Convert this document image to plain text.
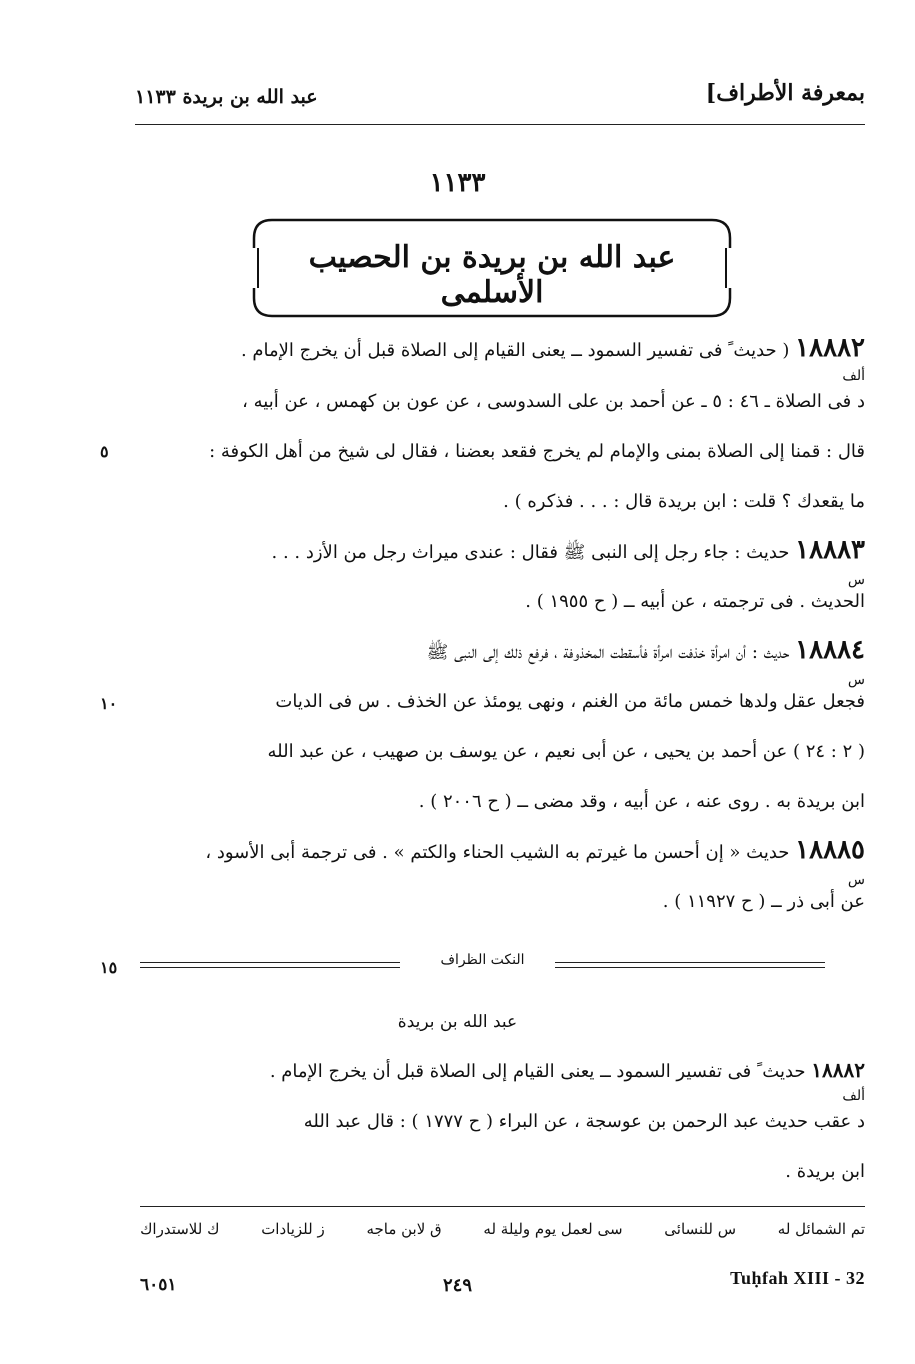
بمعرفة الأطراف]
عبد الله بن بريدة ١١٣٣
١١٣٣
عبد الله بن بريدة بن الحصيب الأسلمى
١٨٨٨٢ ( حديث ً فى تفسير السمود ــ يعنى القيام إلى الصلاة قبل أن يخرج الإمام .
ألف
د فى الصلاة ـ ٤٦ : ٥ ـ عن أحمد بن على السدوسى ، عن عون بن كهمس ، عن أبيه ،
قال : قمنا إلى الصلاة بمنى والإمام لم يخرج فقعد بعضنا ، فقال لى شيخ من أهل الكوفة :
٥
ما يقعدك ؟ قلت : ابن بريدة قال : . . . فذكره ) .
١٨٨٨٣ حديث : جاء رجل إلى النبى ﷺ فقال : عندى ميراث رجل من الأزد . . .
س
الحديث . فى ترجمته ، عن أبيه ــ ( ح ١٩٥٥ ) .
١٨٨٨٤ حديث : أن امرأة خذفت امرأة فأسقطت المخذوفة ، فرفع ذلك إلى النبى ﷺ
س
فجعل عقل ولدها خمس مائة من الغنم ، ونهى يومئذ عن الخذف . س فى الديات
١٠
( ٢ : ٢٤ ) عن أحمد بن يحيى ، عن أبى نعيم ، عن يوسف بن صهيب ، عن عبد الله
ابن بريدة به . روى عنه ، عن أبيه ، وقد مضى ــ ( ح ٢٠٠٦ ) .
١٨٨٨٥ حديث « إن أحسن ما غيرتم به الشيب الحناء والكتم » . فى ترجمة أبى الأسود ،
س
عن أبى ذر ــ ( ح ١١٩٢٧ ) .
النكت الظراف
١٥
عبد الله بن بريدة
١٨٨٨٢ حديث ً فى تفسير السمود ــ يعنى القيام إلى الصلاة قبل أن يخرج الإمام .
ألف
د عقب حديث عبد الرحمن بن عوسجة ، عن البراء ( ح ١٧٧٧ ) : قال عبد الله
ابن بريدة .
تم الشمائل له
س للنسائى
سى لعمل يوم وليلة له
ق لابن ماجه
ز للزيادات
ك للاستدراك
٦٠٥١	٢٤٩	Tuḥfah XIII - 32
